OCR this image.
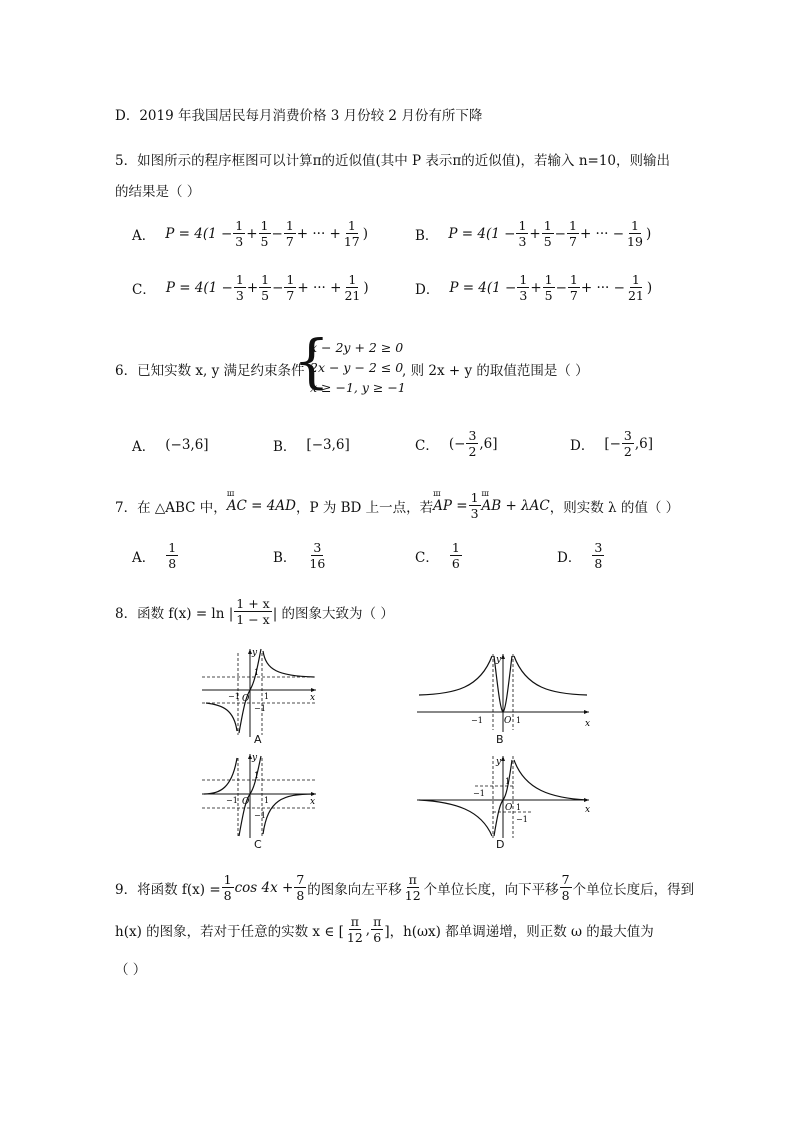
D．2019 年我国居民每月消费价格 3 月份较 2 月份有所下降
5．如图所示的程序框图可以计算π的近似值(其中 P 表示π的近似值)，若输入 n=10，则输出
的结果是（ ）
A． $P = 4(1 - \frac{1}{3} + \frac{1}{5} - \frac{1}{7}$ + ··· + $\frac{1}{17}$ )	B． $P = 4(1 - \frac{1}{3} + \frac{1}{5} - \frac{1}{7}$ + ··· − $\frac{1}{19}$ )
C． $P = 4(1 - \frac{1}{3} + \frac{1}{5} - \frac{1}{7}$ + ··· + $\frac{1}{21}$ )	D． $P = 4(1 - \frac{1}{3} + \frac{1}{5} - \frac{1}{7}$ + ··· − $\frac{1}{21}$ )
6．已知实数 x, y 满足约束条件
{
x − 2y + 2 ≥ 0
2x − y − 2 ≤ 0
x ≥ −1, y ≥ −1
, 则 2x + y 的取值范围是（ ）
A． (−3,6]	B． [−3,6]	C． (− $\frac{3}{2} ,6$]	D． [− $\frac{3}{2} ,6$]
7．在 △ABC 中， ш AC = 4AD ，P 为 BD 上一点，若 ш AP = $\frac{1}{3}$ ш AB + λAC ，则实数 λ 的值（ ）
A． $\frac{1}{8}$	B． $\frac{3}{16}$	C． $\frac{1}{6}$	D． $\frac{3}{8}$
8．函数 f(x) = ln | $\frac{1 + x}{1 - x}$ | 的图象大致为（ ）
y
x
O
1
−1	1
−1
A
y
x
O
−1	1
B
y
x
O
1
−1	1
−1
C
y
x
O
1
−1
1
−1
D
9．将函数 $f(x) = \frac{1}{8}$ $\cos 4x + \frac{7}{8}$ 的图象向左平移 $\frac{\pi}{12}$ 个单位长度，向下平移 $\frac{7}{8}$ 个单位长度后，得到
h(x) 的图象，若对于任意的实数 x ∈ [ $\frac{\pi}{12}$ , $\frac{\pi}{6}$ ]，h(ωx) 都单调递增，则正数 ω 的最大值为
（ ）
